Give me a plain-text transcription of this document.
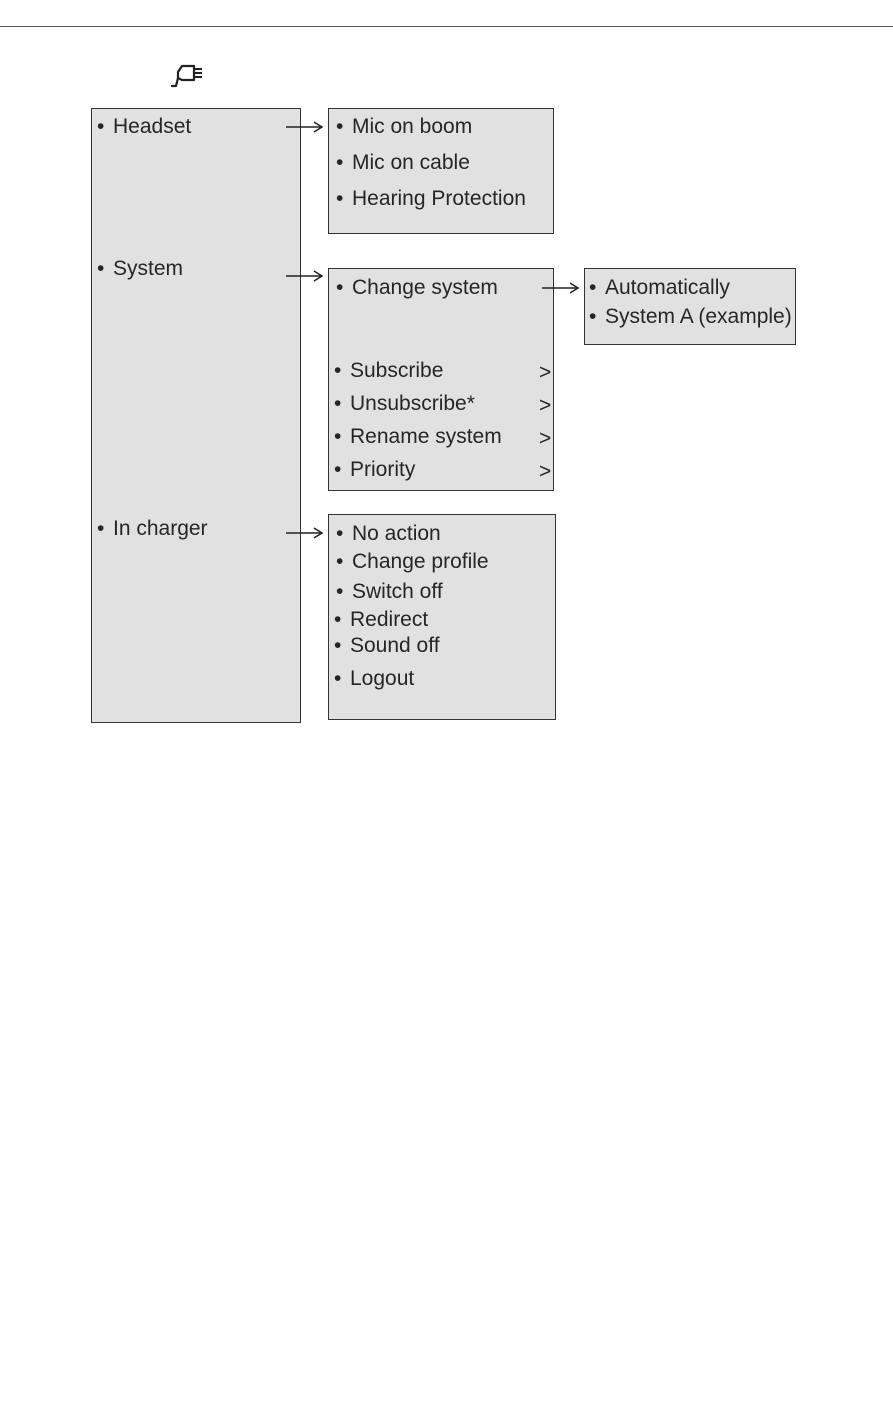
• Headset
• System
• In charger
• Mic on boom
• Mic on cable
• Hearing Protection
• Change system
• Subscribe
• Unsubscribe*
• Rename system
• Priority
>
>
>
>
• Automatically
• System A (example)
• No action
• Change profile
• Switch off
• Redirect
• Sound off
• Logout
